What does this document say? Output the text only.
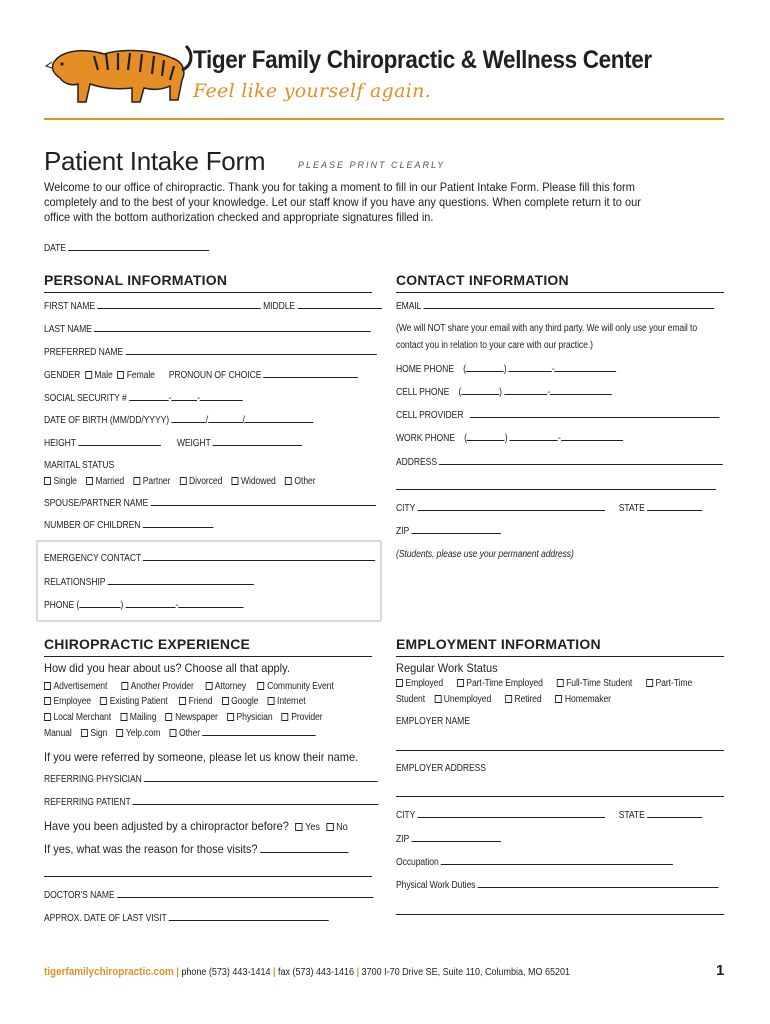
Tiger Family Chiropractic & Wellness Center
Feel like yourself again.
Patient Intake Form	PLEASE PRINT CLEARLY
Welcome to our office of chiropractic. Thank you for taking a moment to fill in our Patient Intake Form. Please fill this form
completely and to the best of your knowledge. Let our staff know if you have any questions. When complete return it to our
office with the bottom authorization checked and appropriate signatures filled in.
DATE
PERSONAL INFORMATION
FIRST NAME	MIDDLE
LAST NAME
PREFERRED NAME
GENDER Male Female PRONOUN OF CHOICE
SOCIAL SECURITY #	-	-
DATE OF BIRTH (MM/DD/YYYY)	/	/
HEIGHT	WEIGHT
MARITAL STATUS
Single Married Partner Divorced Widowed Other
SPOUSE/PARTNER NAME
NUMBER OF CHILDREN
EMERGENCY CONTACT
RELATIONSHIP
PHONE (	)	-
CONTACT INFORMATION
EMAIL
(We will NOT share your email with any third party. We will only use your email to
contact you in relation to your care with our practice.)
HOME PHONE    (	)	-
CELL PHONE    (	)	-
CELL PROVIDER
WORK PHONE    (	)	-
ADDRESS
CITY	STATE
ZIP
(Students, please use your permanent address)
CHIROPRACTIC EXPERIENCE
How did you hear about us? Choose all that apply.
Advertisement Another Provider Attorney Community Event
Employee Existing Patient Friend Google Internet
Local Merchant Mailing Newspaper Physician Provider
Manual Sign Yelp.com Other
If you were referred by someone, please let us know their name.
REFERRING PHYSICIAN
REFERRING PATIENT
Have you been adjusted by a chiropractor before? Yes No
If yes, what was the reason for those visits?
DOCTOR'S NAME
APPROX. DATE OF LAST VISIT
EMPLOYMENT INFORMATION
Regular Work Status
Employed Part-Time Employed Full-Time Student Part-Time
Student Unemployed Retired Homemaker
EMPLOYER NAME
EMPLOYER ADDRESS
CITY	STATE
ZIP
Occupation
Physical Work Duties
tigerfamilychiropractic.com | phone (573) 443-1414 | fax (573) 443-1416 | 3700 I-70 Drive SE, Suite 110, Columbia, MO 65201	1
